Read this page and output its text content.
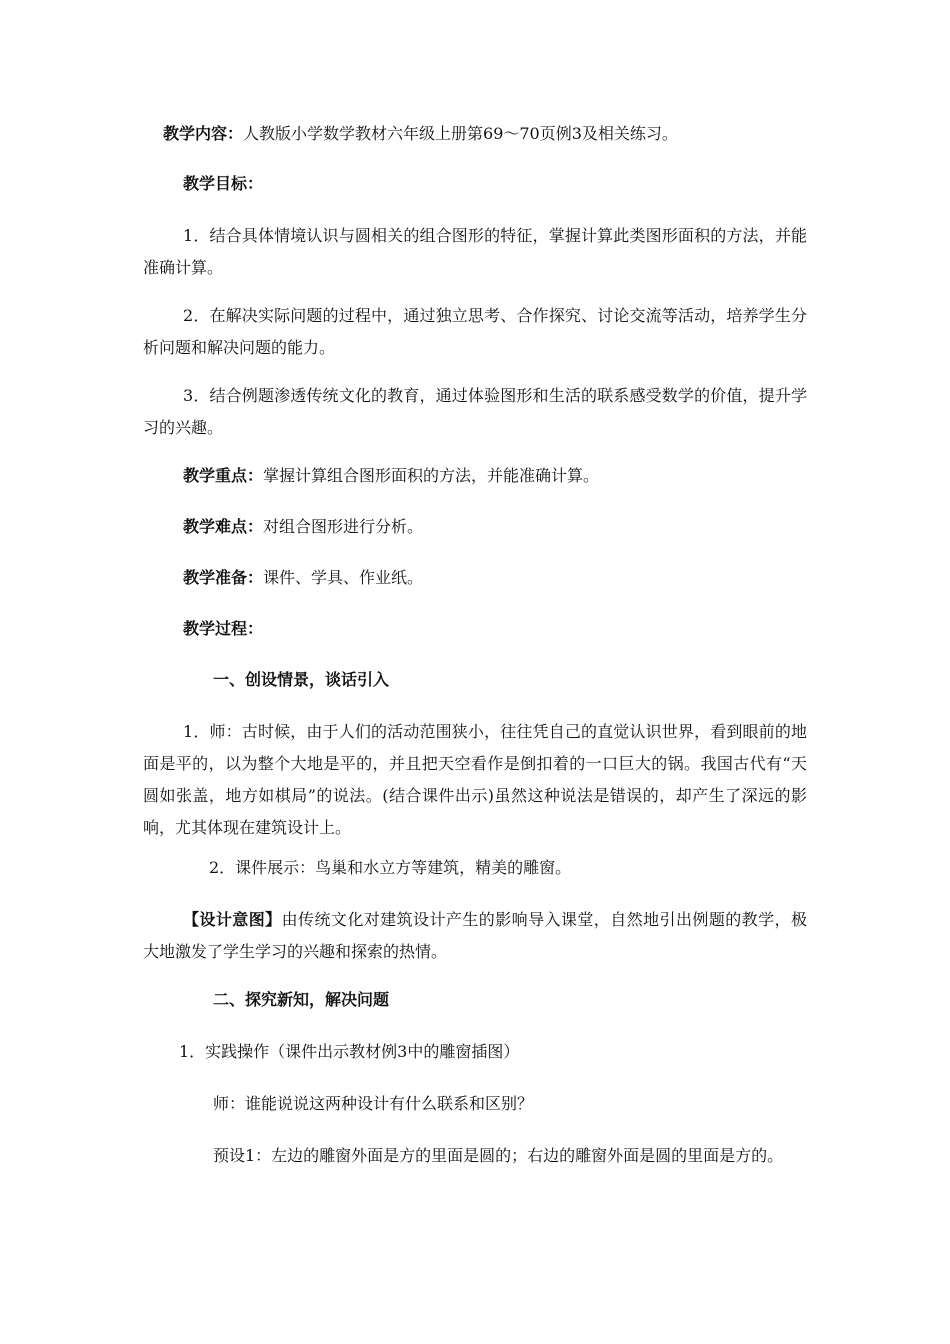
教学内容：人教版小学数学教材六年级上册第69～70页例3及相关练习。

教学目标：

1．结合具体情境认识与圆相关的组合图形的特征，掌握计算此类图形面积的方法，并能准确计算。

2．在解决实际问题的过程中，通过独立思考、合作探究、讨论交流等活动，培养学生分析问题和解决问题的能力。

3．结合例题渗透传统文化的教育，通过体验图形和生活的联系感受数学的价值，提升学习的兴趣。

教学重点：掌握计算组合图形面积的方法，并能准确计算。

教学难点：对组合图形进行分析。

教学准备：课件、学具、作业纸。

教学过程：

一、创设情景，谈话引入

1．师：古时候，由于人们的活动范围狭小，往往凭自己的直觉认识世界，看到眼前的地面是平的，以为整个大地是平的，并且把天空看作是倒扣着的一口巨大的锅。我国古代有“天圆如张盖，地方如棋局”的说法。(结合课件出示)虽然这种说法是错误的，却产生了深远的影响，尤其体现在建筑设计上。

2．课件展示：鸟巢和水立方等建筑，精美的雕窗。

【设计意图】由传统文化对建筑设计产生的影响导入课堂，自然地引出例题的教学，极大地激发了学生学习的兴趣和探索的热情。

二、探究新知，解决问题

1．实践操作（课件出示教材例3中的雕窗插图）

师：谁能说说这两种设计有什么联系和区别？

预设1：左边的雕窗外面是方的里面是圆的；右边的雕窗外面是圆的里面是方的。
